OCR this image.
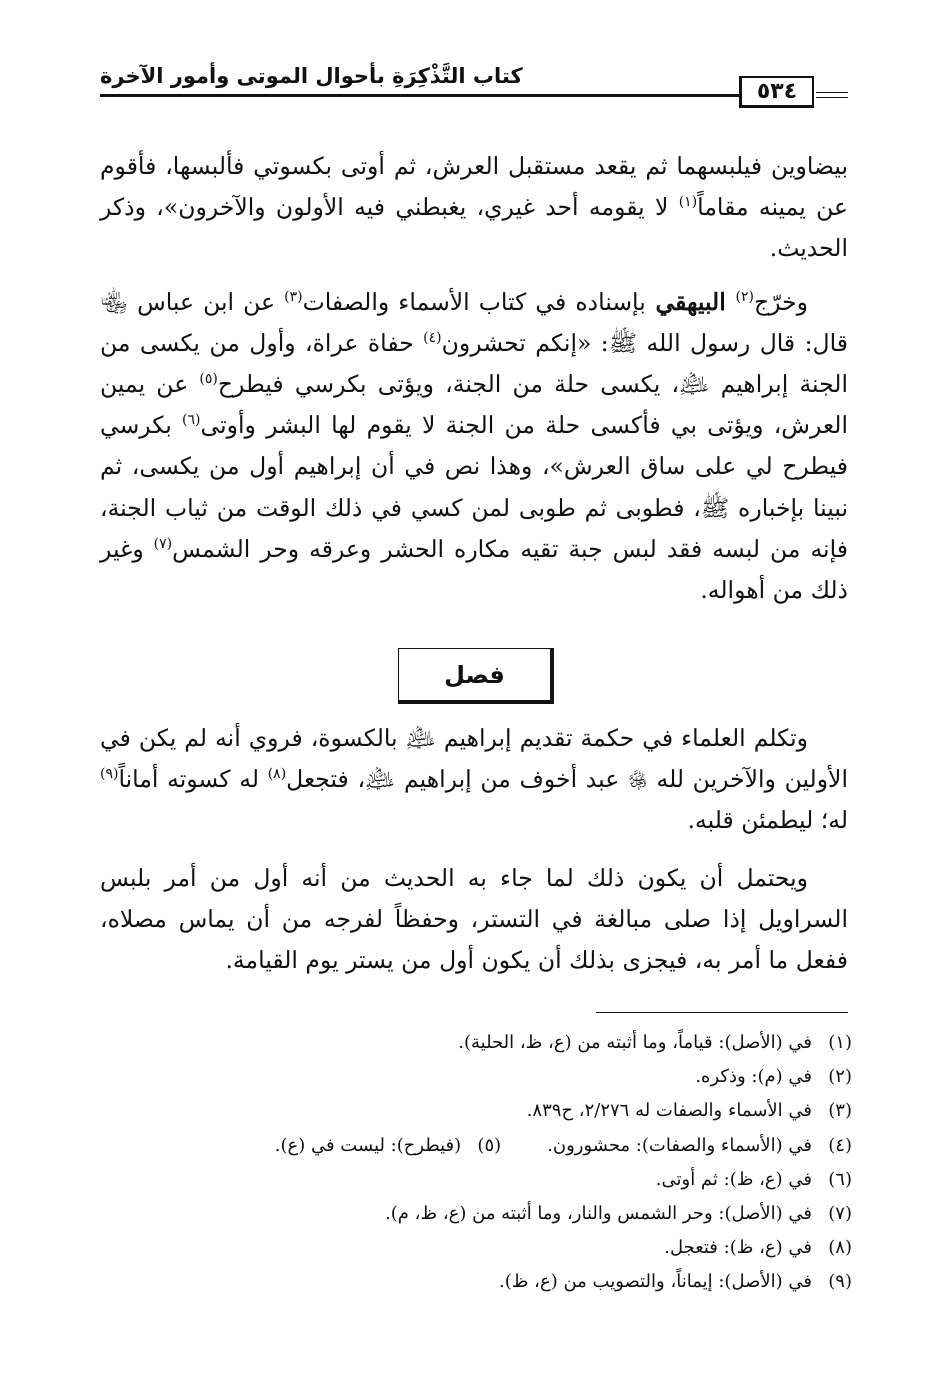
كتاب التَّذْكِرَةِ بأحوال الموتى وأمور الآخرة
٥٣٤

بيضاوين فيلبسهما ثم يقعد مستقبل العرش، ثم أوتى بكسوتي فألبسها، فأقوم عن يمينه مقاماً$^{(١)}$ لا يقومه أحد غيري، يغبطني فيه الأولون والآخرون»، وذكر الحديث.

وخرّج$^{(٢)}$ البيهقي بإسناده في كتاب الأسماء والصفات$^{(٣)}$ عن ابن عباس ﵄ قال: قال رسول الله ﷺ: «إنكم تحشرون$^{(٤)}$ حفاة عراة، وأول من يكسى من الجنة إبراهيم ﵇، يكسى حلة من الجنة، ويؤتى بكرسي فيطرح$^{(٥)}$ عن يمين العرش، ويؤتى بي فأكسى حلة من الجنة لا يقوم لها البشر وأوتى$^{(٦)}$ بكرسي فيطرح لي على ساق العرش»، وهذا نص في أن إبراهيم أول من يكسى، ثم نبينا بإخباره ﷺ، فطوبى ثم طوبى لمن كسي في ذلك الوقت من ثياب الجنة، فإنه من لبسه فقد لبس جبة تقيه مكاره الحشر وعرقه وحر الشمس$^{(٧)}$ وغير ذلك من أهواله.

فصل

وتكلم العلماء في حكمة تقديم إبراهيم ﵇ بالكسوة، فروي أنه لم يكن في الأولين والآخرين لله ﷿ عبد أخوف من إبراهيم ﵇، فتجعل$^{(٨)}$ له كسوته أماناً$^{(٩)}$ له؛ ليطمئن قلبه.

ويحتمل أن يكون ذلك لما جاء به الحديث من أنه أول من أمر بلبس السراويل إذا صلى مبالغة في التستر، وحفظاً لفرجه من أن يماس مصلاه، ففعل ما أمر به، فيجزى بذلك أن يكون أول من يستر يوم القيامة.

(١)
في (الأصل): قياماً، وما أثبته من (ع، ظ، الحلية).
(٢)
في (م): وذكره.
(٣)
في الأسماء والصفات له ٢/٢٧٦، ح٨٣٩.
(٤)
في (الأسماء والصفات): محشورون.
(٥)
(فيطرح): ليست في (ع).
(٦)
في (ع، ظ): ثم أوتى.
(٧)
في (الأصل): وحر الشمس والنار، وما أثبته من (ع، ظ، م).
(٨)
في (ع، ظ): فتعجل.
(٩)
في (الأصل): إيماناً، والتصويب من (ع، ظ).
